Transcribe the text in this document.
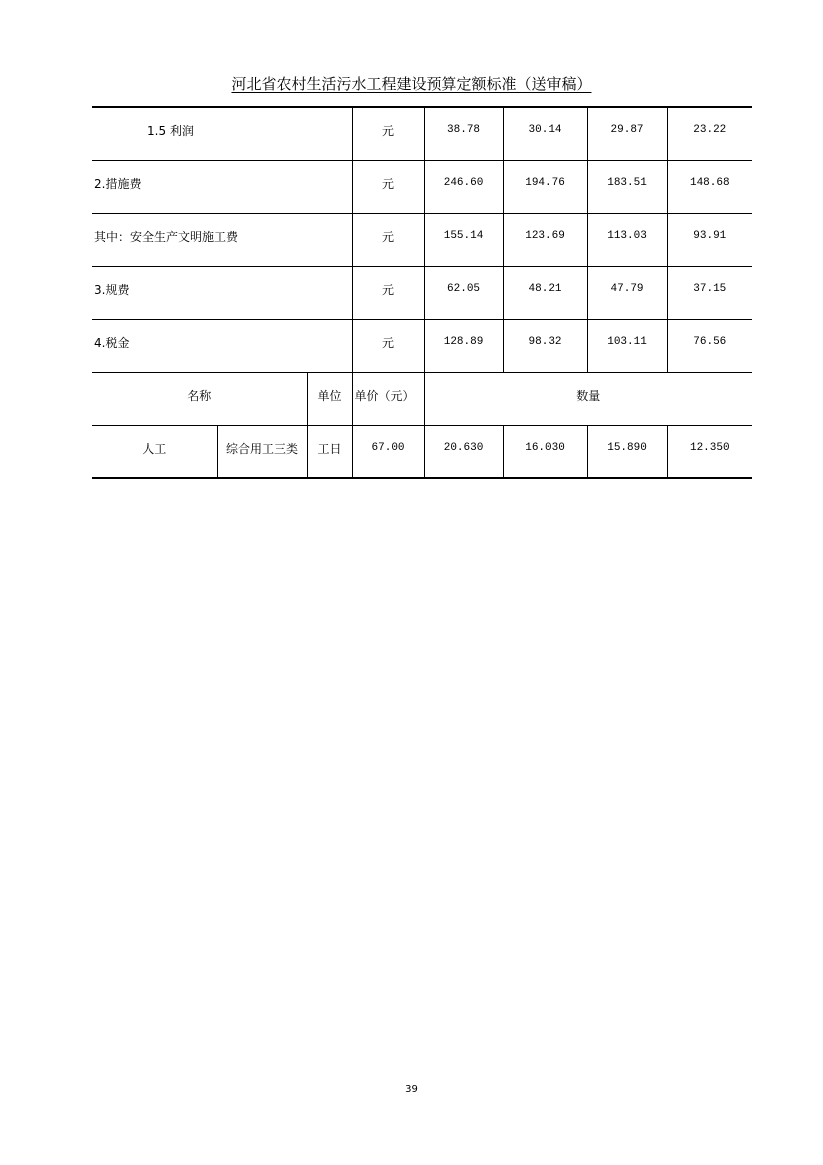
河北省农村生活污水工程建设预算定额标准（送审稿）
1.5 利润			元	38.78	30.14	29.87	23.22
2.措施费			元	246.60	194.76	183.51	148.68
其中：安全生产文明施工费			元	155.14	123.69	113.03	93.91
3.规费			元	62.05	48.21	47.79	37.15
4.税金			元	128.89	98.32	103.11	76.56
名称		单位	单价（元）	数量			
人工	综合用工三类	工日	67.00	20.630	16.030	15.890	12.350
39
